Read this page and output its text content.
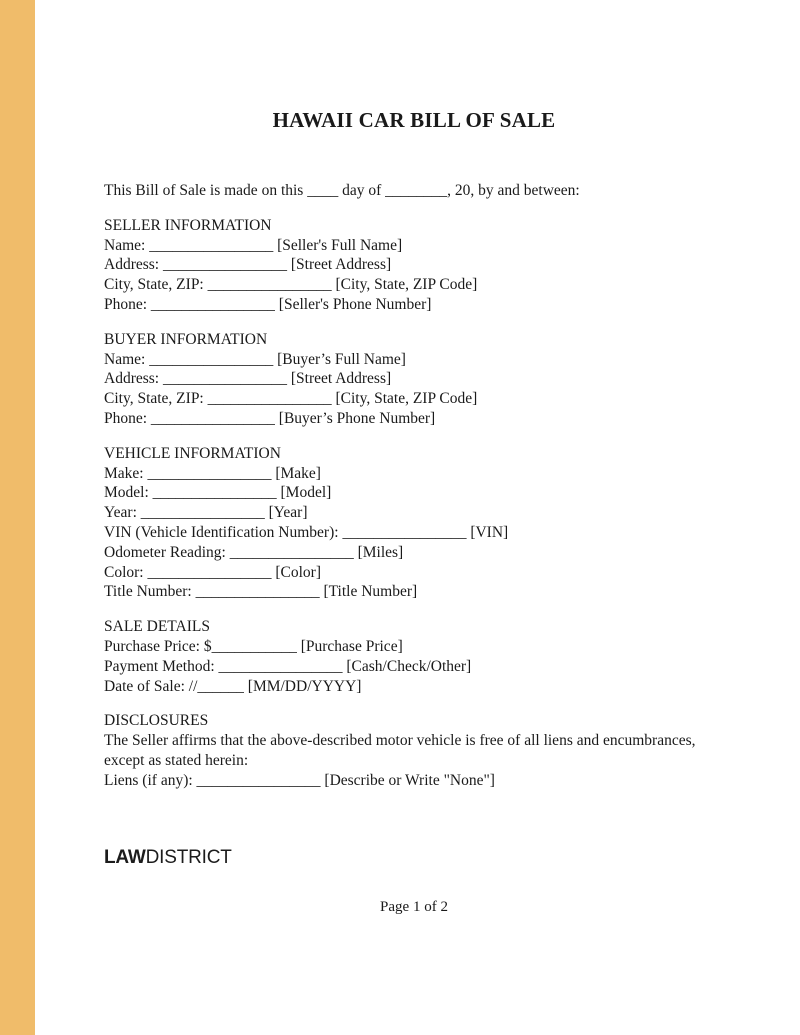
HAWAII CAR BILL OF SALE
This Bill of Sale is made on this ____ day of ________, 20, by and between:
SELLER INFORMATION
Name: ________________ [Seller's Full Name]
Address: ________________ [Street Address]
City, State, ZIP: ________________ [City, State, ZIP Code]
Phone: ________________ [Seller's Phone Number]
BUYER INFORMATION
Name: ________________ [Buyer’s Full Name]
Address: ________________ [Street Address]
City, State, ZIP: ________________ [City, State, ZIP Code]
Phone: ________________ [Buyer’s Phone Number]
VEHICLE INFORMATION
Make: ________________ [Make]
Model: ________________ [Model]
Year: ________________ [Year]
VIN (Vehicle Identification Number): ________________ [VIN]
Odometer Reading: ________________ [Miles]
Color: ________________ [Color]
Title Number: ________________ [Title Number]
SALE DETAILS
Purchase Price: $___________ [Purchase Price]
Payment Method: ________________ [Cash/Check/Other]
Date of Sale: //______ [MM/DD/YYYY]
DISCLOSURES
The Seller affirms that the above-described motor vehicle is free of all liens and encumbrances, except as stated herein:
Liens (if any): ________________ [Describe or Write "None"]
Page 1 of 2
LAWDISTRICT
